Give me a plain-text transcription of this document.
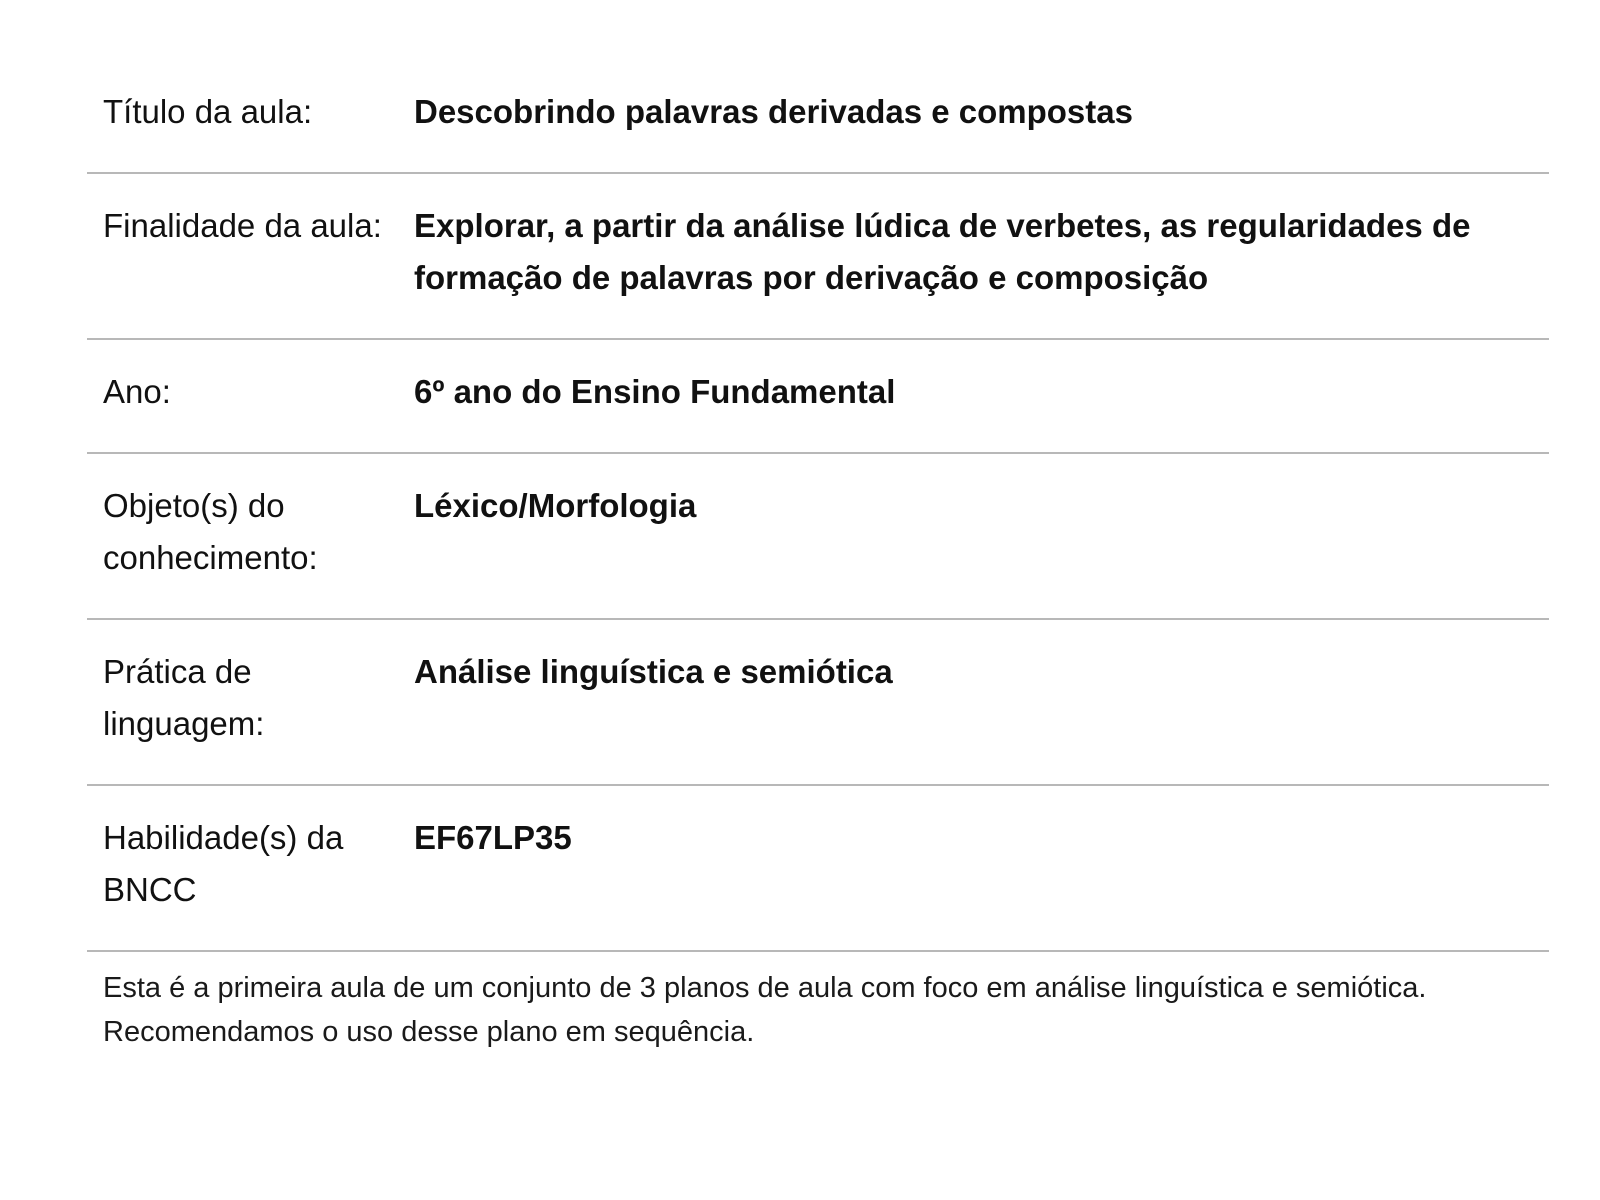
Título da aula:	Descobrindo palavras derivadas e compostas
Finalidade da aula: Explorar, a partir da análise lúdica de verbetes, as regularidades de formação de palavras por derivação e composição
Ano:	6º ano do Ensino Fundamental
Objeto(s) do conhecimento:
Léxico/Morfologia
Prática de linguagem:
Análise linguística e semiótica
Habilidade(s) da BNCC
EF67LP35
Esta é a primeira aula de um conjunto de 3 planos de aula com foco em análise linguística e semiótica. Recomendamos o uso desse plano em sequência.
